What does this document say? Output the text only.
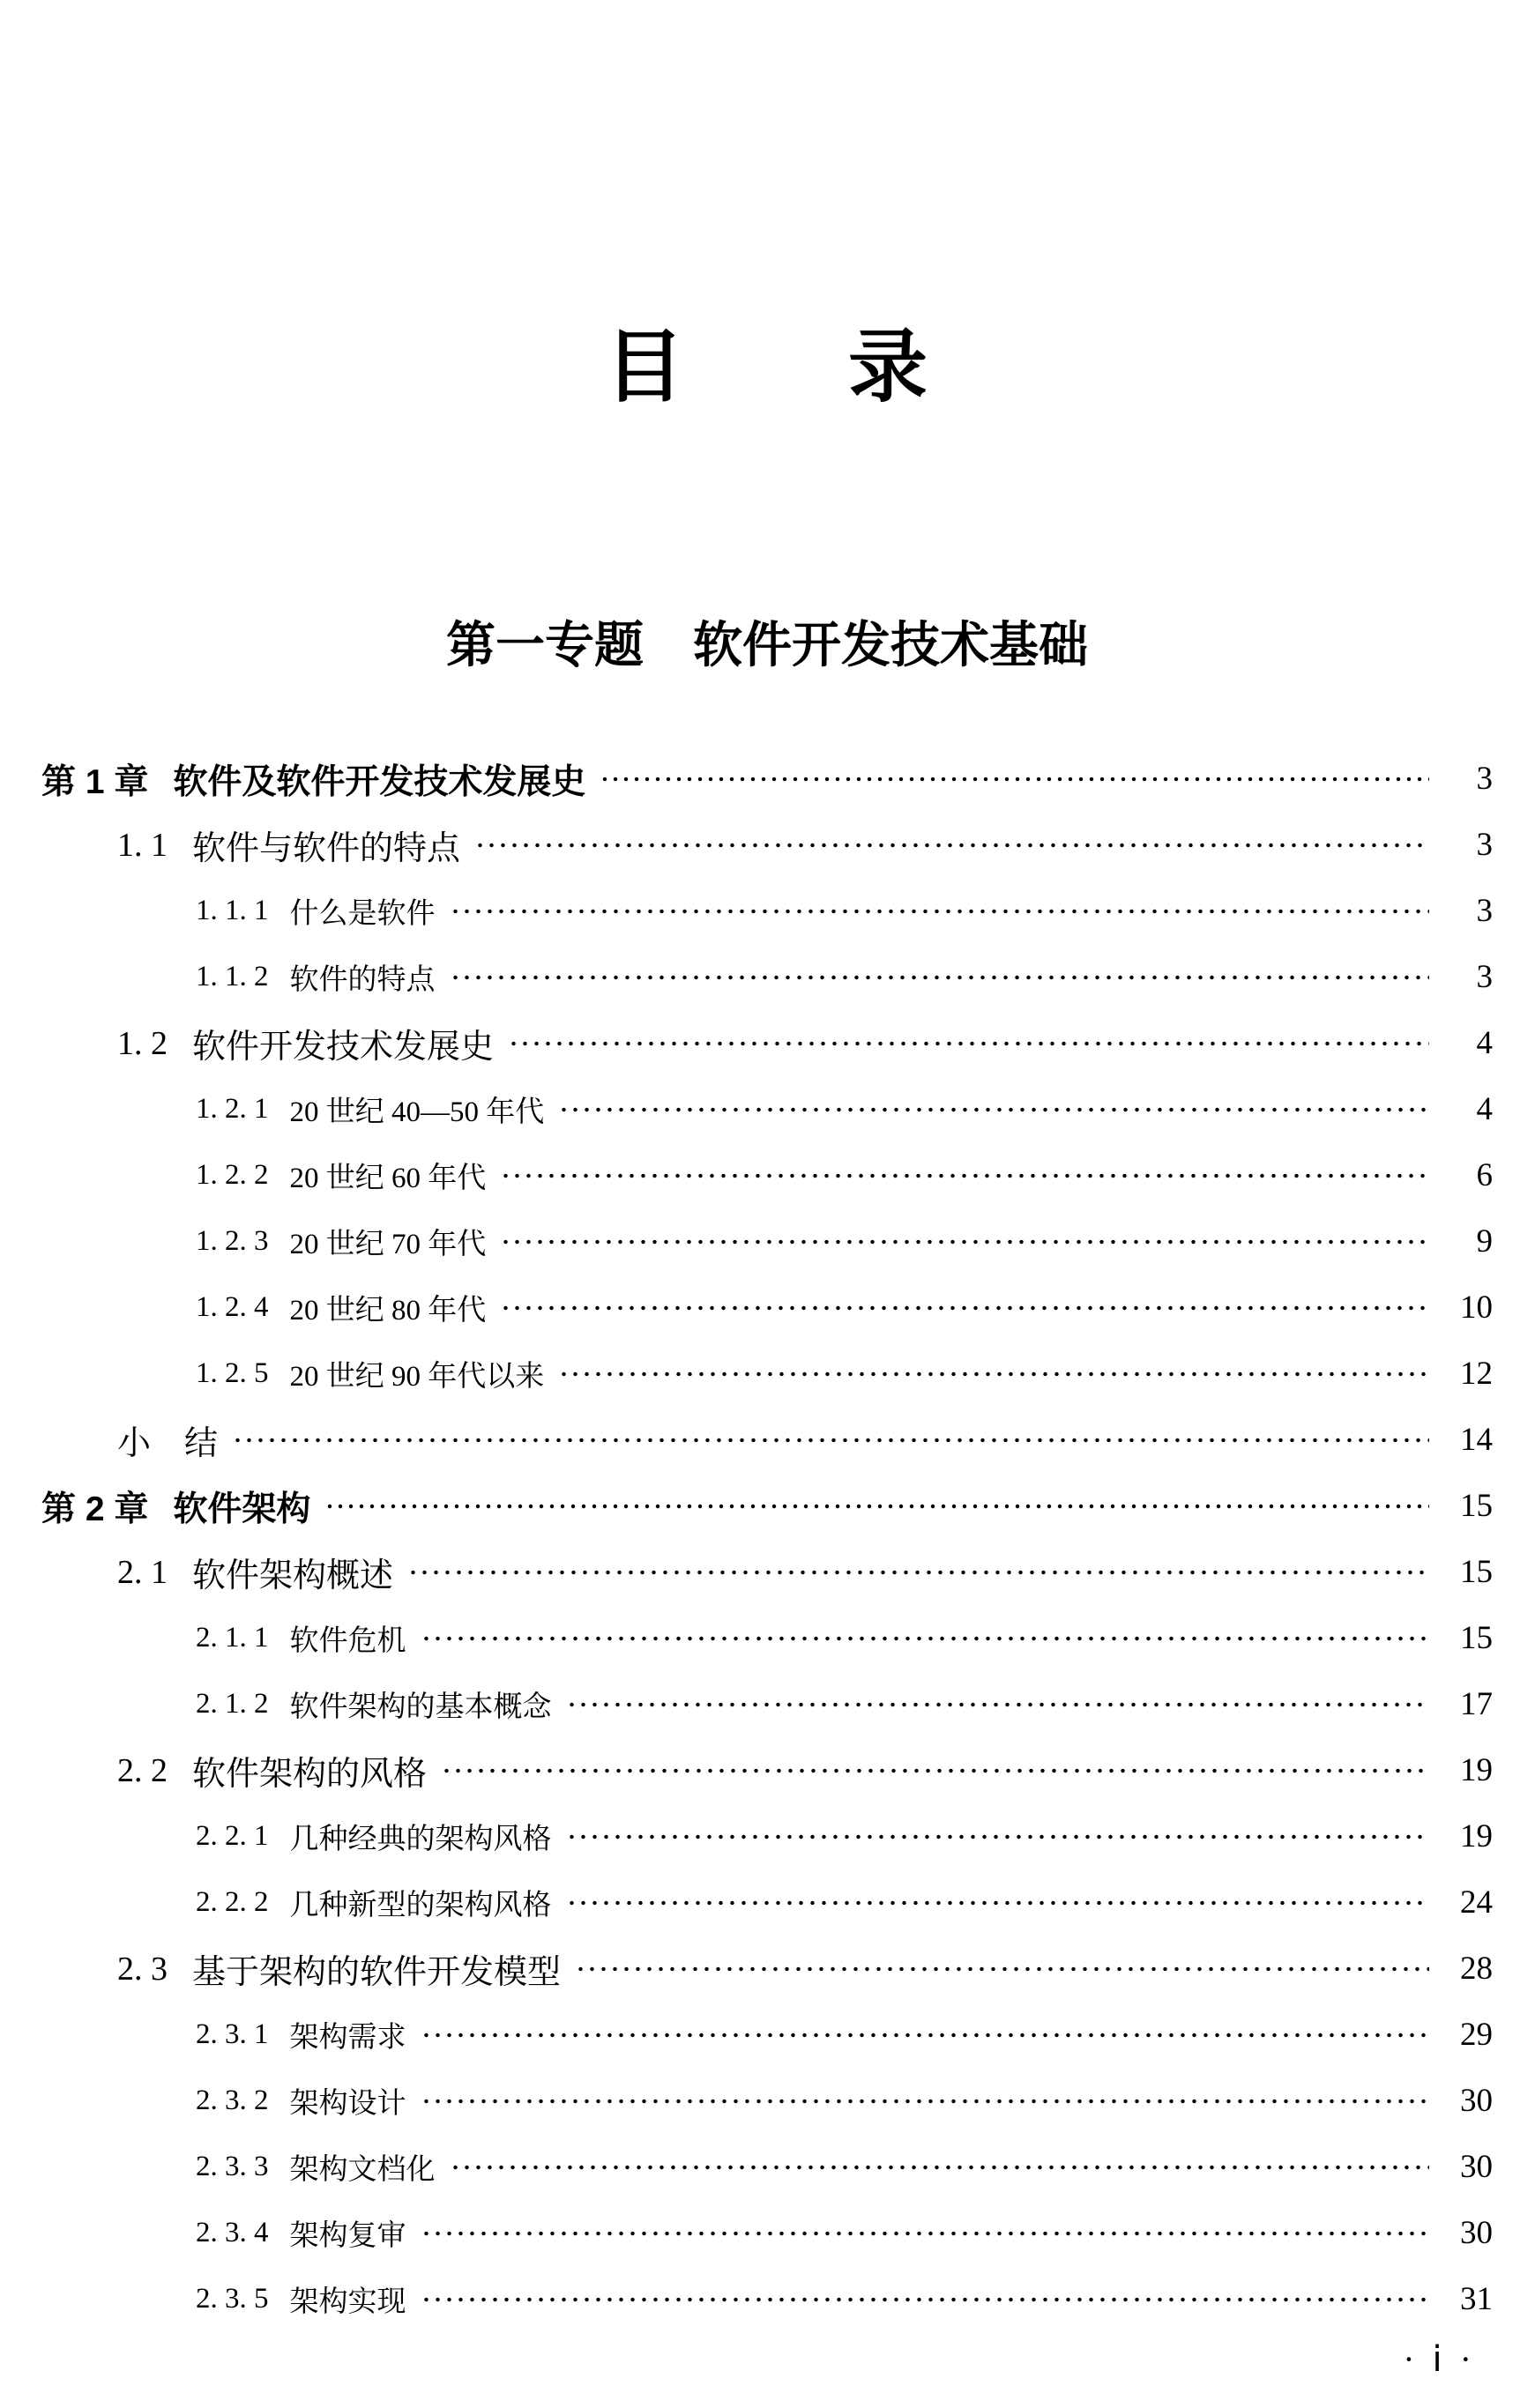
目　　录
第一专题　软件开发技术基础
第 1 章 软件及软件开发技术发展史	3
1. 1 软件与软件的特点	3
1. 1. 1 什么是软件	3
1. 1. 2 软件的特点	3
1. 2 软件开发技术发展史	4
1. 2. 1 20 世纪 40—50 年代	4
1. 2. 2 20 世纪 60 年代	6
1. 2. 3 20 世纪 70 年代	9
1. 2. 4 20 世纪 80 年代	10
1. 2. 5 20 世纪 90 年代以来	12
小　结	14
第 2 章 软件架构	15
2. 1 软件架构概述	15
2. 1. 1 软件危机	15
2. 1. 2 软件架构的基本概念	17
2. 2 软件架构的风格	19
2. 2. 1 几种经典的架构风格	19
2. 2. 2 几种新型的架构风格	24
2. 3 基于架构的软件开发模型	28
2. 3. 1 架构需求	29
2. 3. 2 架构设计	30
2. 3. 3 架构文档化	30
2. 3. 4 架构复审	30
2. 3. 5 架构实现	31
· ⅰ ·
